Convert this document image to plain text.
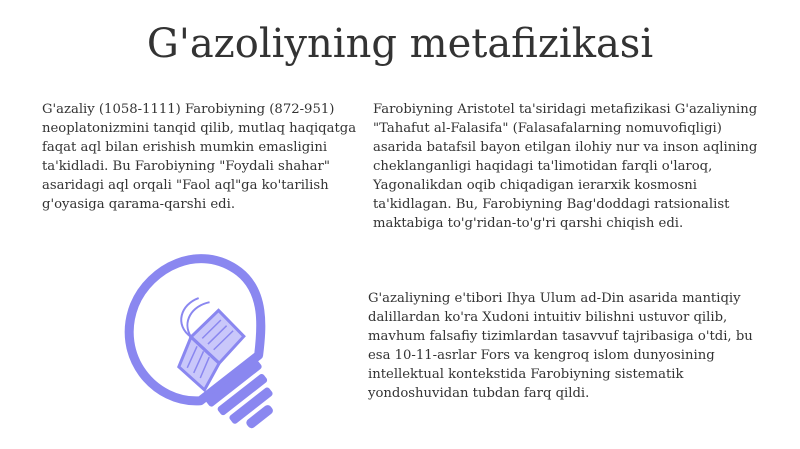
G'azoliyning metafizikasi

G'azaliy (1058-1111) Farobiyning (872-951) neoplatonizmini tanqid qilib, mutlaq haqiqatga faqat aql bilan erishish mumkin emasligini ta'kidladi. Bu Farobiyning "Foydali shahar" asaridagi aql orqali "Faol aql"ga ko'tarilish g'oyasiga qarama-qarshi edi.

Farobiyning Aristotel ta'siridagi metafizikasi G'azaliyning "Tahafut al-Falasifa" (Falasafalarning nomuvofiqligi) asarida batafsil bayon etilgan ilohiy nur va inson aqlining cheklanganligi haqidagi ta'limotidan farqli o'laroq, Yagonalikdan oqib chiqadigan ierarxik kosmosni ta'kidlagan. Bu, Farobiyning Bag'doddagi ratsionalist maktabiga to'g'ridan-to'g'ri qarshi chiqish edi.

G'azaliyning e'tibori Ihya Ulum ad-Din asarida mantiqiy dalillardan ko'ra Xudoni intuitiv bilishni ustuvor qilib, mavhum falsafiy tizimlardan tasavvuf tajribasiga o'tdi, bu esa 10-11-asrlar Fors va kengroq islom dunyosining intellektual kontekstida Farobiyning sistematik yondoshuvidan tubdan farq qildi.
